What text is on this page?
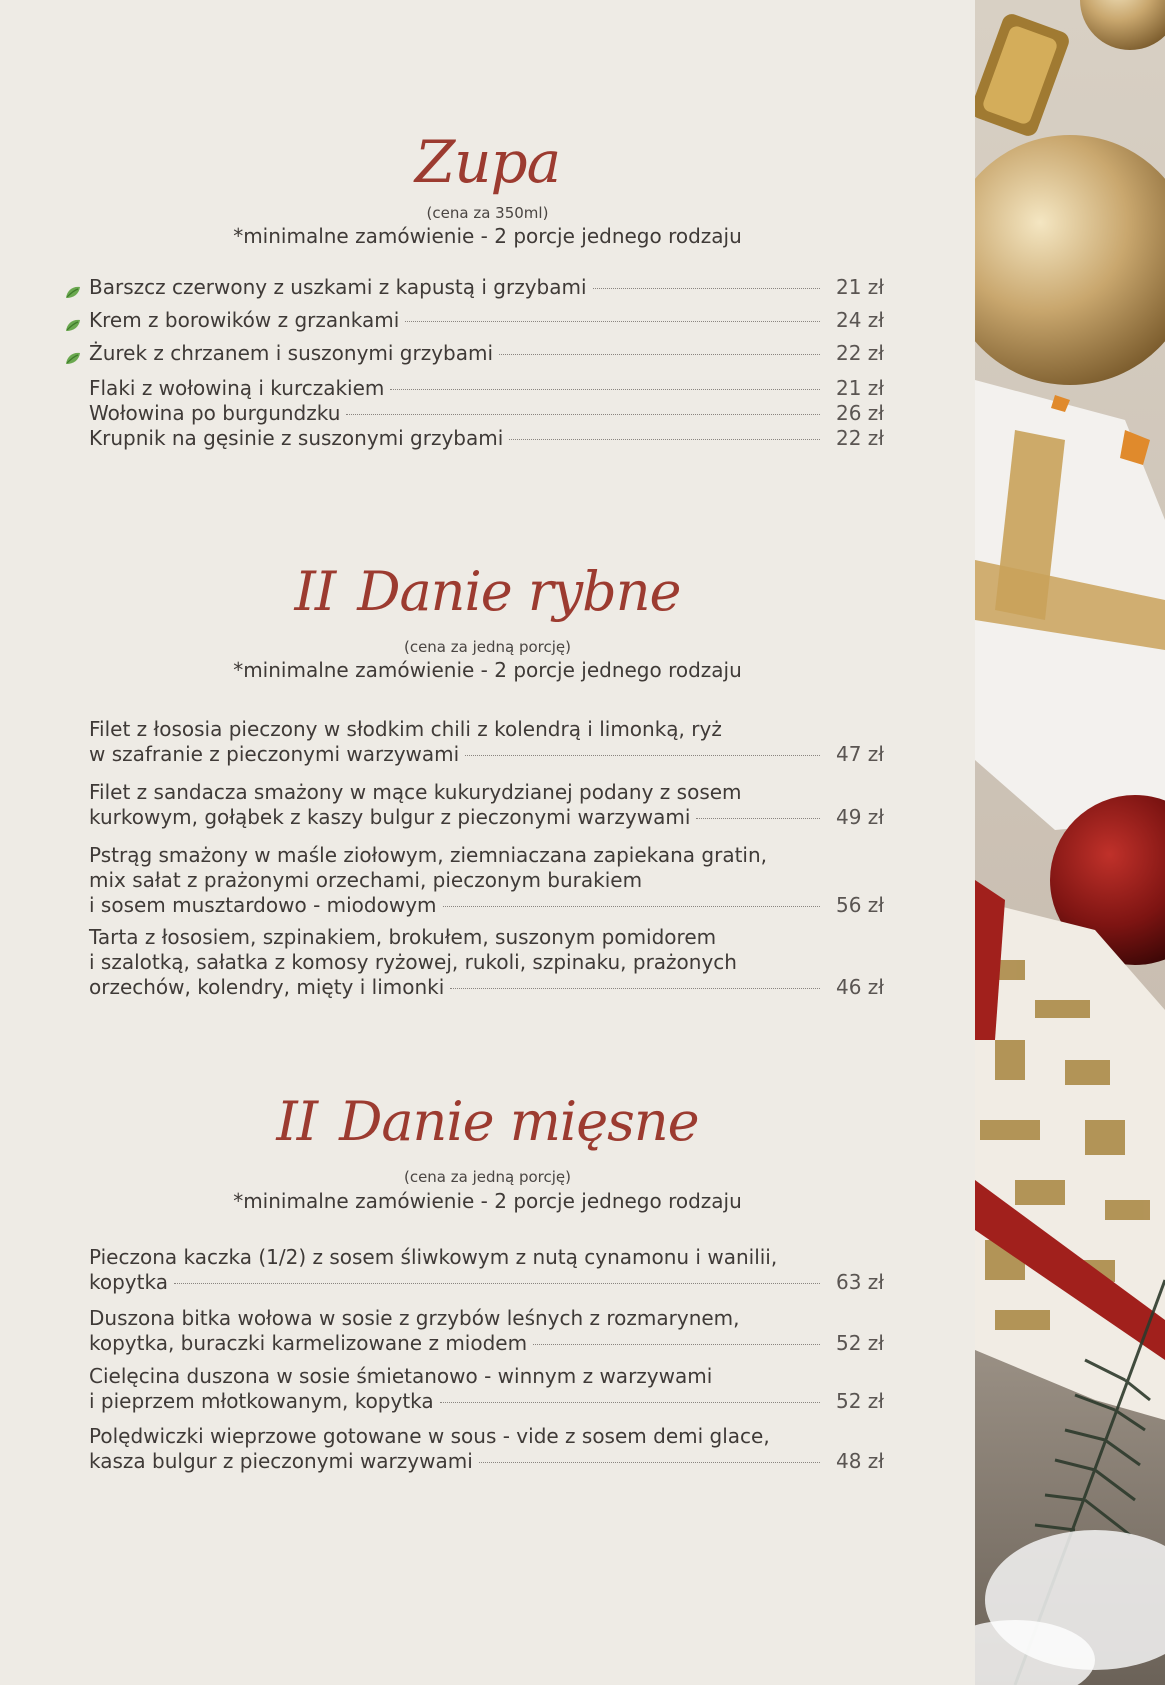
Zupa
(cena za 350ml)
*minimalne zamówienie - 2 porcje jednego rodzaju
Barszcz czerwony z uszkami z kapustą i grzybami	21 zł
Krem z borowików z grzankami	24 zł
Żurek z chrzanem i suszonymi grzybami	22 zł
Flaki z wołowiną i kurczakiem	21 zł
Wołowina po burgundzku	26 zł
Krupnik na gęsinie z suszonymi grzybami	22 zł
II Danie rybne
(cena za jedną porcję)
*minimalne zamówienie - 2 porcje jednego rodzaju
Filet z łososia pieczony w słodkim chili z kolendrą i limonką, ryż
w szafranie z pieczonymi warzywami	47 zł
Filet z sandacza smażony w mące kukurydzianej podany z sosem
kurkowym, gołąbek z kaszy bulgur z pieczonymi warzywami	49 zł
Pstrąg smażony w maśle ziołowym, ziemniaczana zapiekana gratin,
mix sałat z prażonymi orzechami, pieczonym burakiem
i sosem musztardowo - miodowym	56 zł
Tarta z łososiem, szpinakiem, brokułem, suszonym pomidorem
i szalotką, sałatka z komosy ryżowej, rukoli, szpinaku, prażonych
orzechów, kolendry, mięty i limonki	46 zł
II Danie mięsne
(cena za jedną porcję)
*minimalne zamówienie - 2 porcje jednego rodzaju
Pieczona kaczka (1/2) z sosem śliwkowym z nutą cynamonu i wanilii,
kopytka	63 zł
Duszona bitka wołowa w sosie z grzybów leśnych z rozmarynem,
kopytka, buraczki karmelizowane z miodem	52 zł
Cielęcina duszona w sosie śmietanowo - winnym z warzywami
i pieprzem młotkowanym, kopytka	52 zł
Polędwiczki wieprzowe gotowane w sous - vide z sosem demi glace,
kasza bulgur z pieczonymi warzywami	48 zł
